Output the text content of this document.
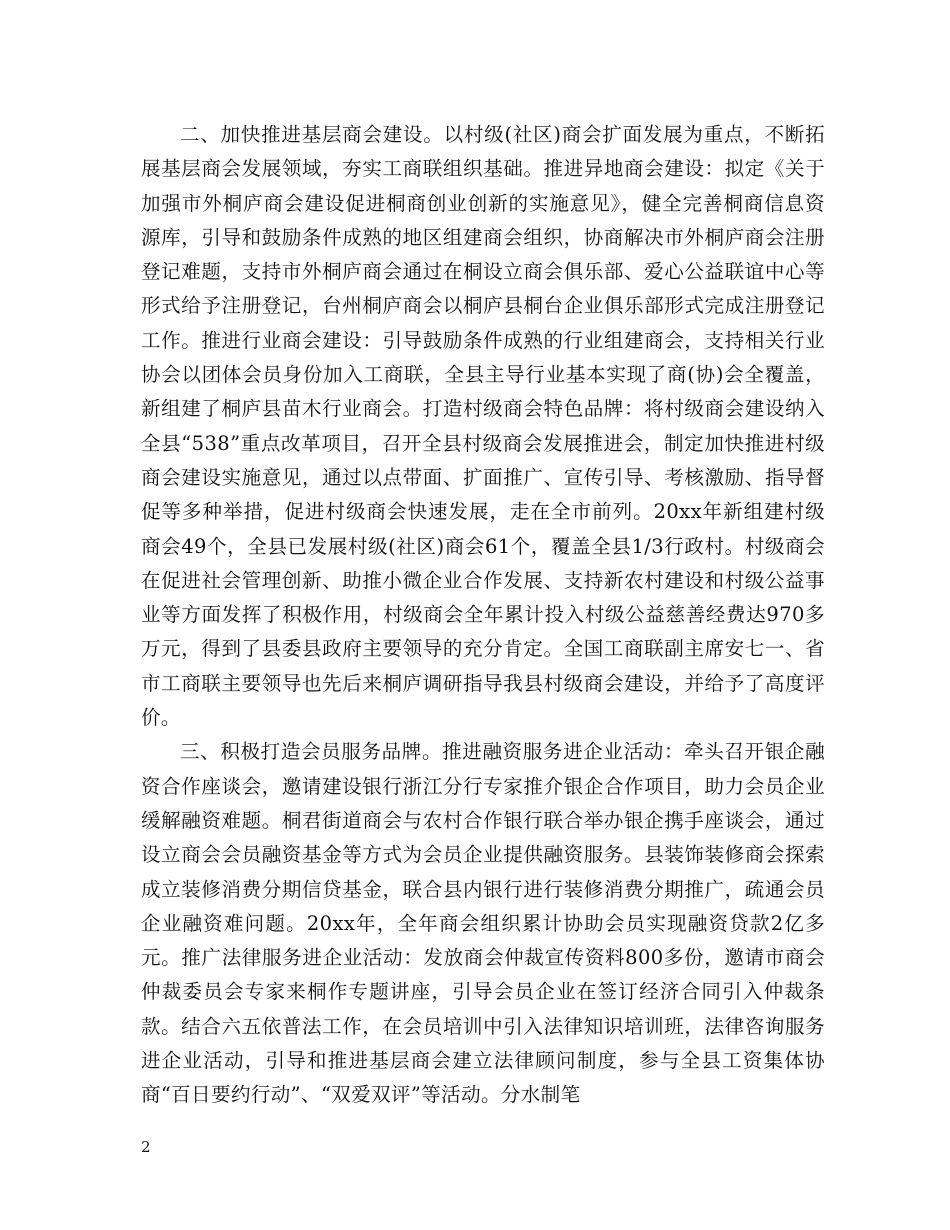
二、加快推进基层商会建设。以村级(社区)商会扩面发展为重点，不断拓展基层商会发展领域，夯实工商联组织基础。推进异地商会建设：拟定《关于加强市外桐庐商会建设促进桐商创业创新的实施意见》，健全完善桐商信息资源库，引导和鼓励条件成熟的地区组建商会组织，协商解决市外桐庐商会注册登记难题，支持市外桐庐商会通过在桐设立商会俱乐部、爱心公益联谊中心等形式给予注册登记，台州桐庐商会以桐庐县桐台企业俱乐部形式完成注册登记工作。推进行业商会建设：引导鼓励条件成熟的行业组建商会，支持相关行业协会以团体会员身份加入工商联，全县主导行业基本实现了商(协)会全覆盖，新组建了桐庐县苗木行业商会。打造村级商会特色品牌：将村级商会建设纳入全县“538”重点改革项目，召开全县村级商会发展推进会，制定加快推进村级商会建设实施意见，通过以点带面、扩面推广、宣传引导、考核激励、指导督促等多种举措，促进村级商会快速发展，走在全市前列。20xx年新组建村级商会49个，全县已发展村级(社区)商会61个，覆盖全县1/3行政村。村级商会在促进社会管理创新、助推小微企业合作发展、支持新农村建设和村级公益事业等方面发挥了积极作用，村级商会全年累计投入村级公益慈善经费达970多万元，得到了县委县政府主要领导的充分肯定。全国工商联副主席安七一、省市工商联主要领导也先后来桐庐调研指导我县村级商会建设，并给予了高度评价。

三、积极打造会员服务品牌。推进融资服务进企业活动：牵头召开银企融资合作座谈会，邀请建设银行浙江分行专家推介银企合作项目，助力会员企业缓解融资难题。桐君街道商会与农村合作银行联合举办银企携手座谈会，通过设立商会会员融资基金等方式为会员企业提供融资服务。县装饰装修商会探索成立装修消费分期信贷基金，联合县内银行进行装修消费分期推广，疏通会员企业融资难问题。20xx年，全年商会组织累计协助会员实现融资贷款2亿多元。推广法律服务进企业活动：发放商会仲裁宣传资料800多份，邀请市商会仲裁委员会专家来桐作专题讲座，引导会员企业在签订经济合同引入仲裁条款。结合六五依普法工作，在会员培训中引入法律知识培训班，法律咨询服务进企业活动，引导和推进基层商会建立法律顾问制度，参与全县工资集体协商“百日要约行动”、“双爱双评”等活动。分水制笔

2
